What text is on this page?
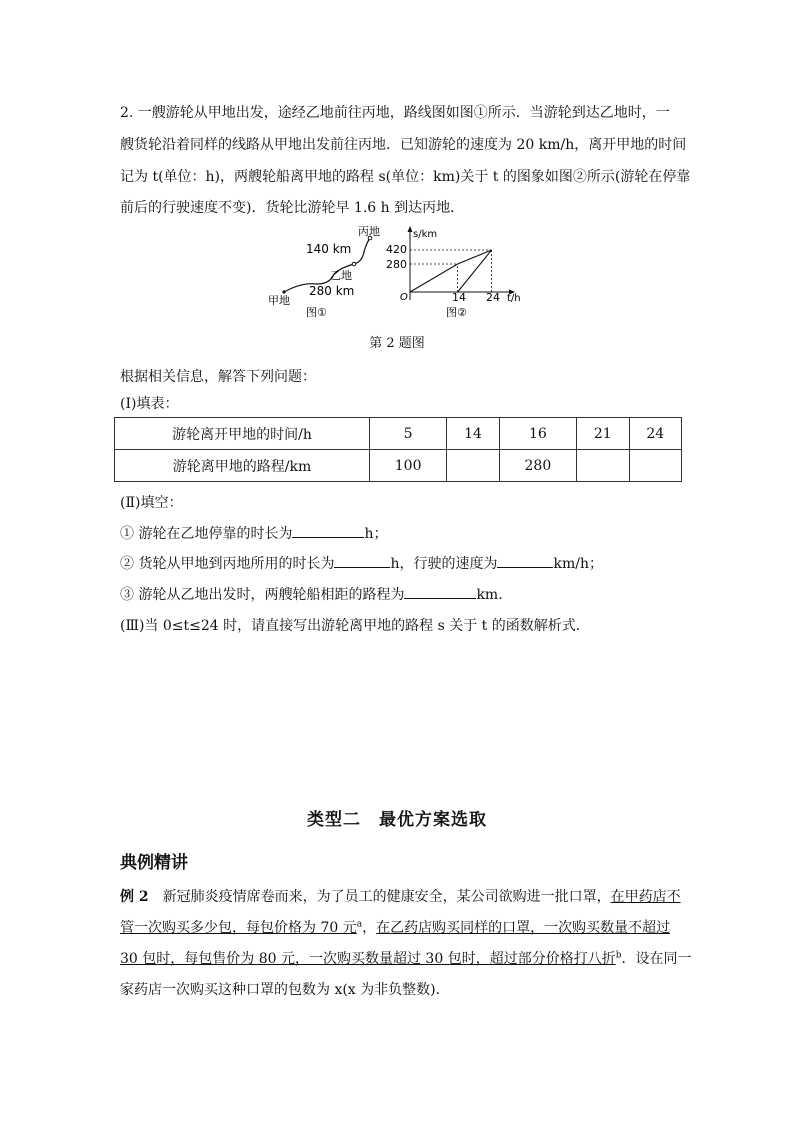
2. 一艘游轮从甲地出发，途经乙地前往丙地，路线图如图①所示．当游轮到达乙地时，一
艘货轮沿着同样的线路从甲地出发前往丙地．已知游轮的速度为 20 km/h，离开甲地的时间
记为 t(单位：h)，两艘轮船离甲地的路程 s(单位：km)关于 t 的图象如图②所示(游轮在停靠
前后的行驶速度不变)．货轮比游轮早 1.6 h 到达丙地．
丙地
140 km
乙地
280 km
甲地
图①
s/km
t/h
O
420
280
14 24
图②
第 2 题图
根据相关信息，解答下列问题：
(Ⅰ)填表：
游轮离开甲地的时间/h	5	14	16	21	24
游轮离甲地的路程/km	100		280		
(Ⅱ)填空：
① 游轮在乙地停靠的时长为	h；
② 货轮从甲地到丙地所用的时长为	h，行驶的速度为	km/h；
③ 游轮从乙地出发时，两艘轮船相距的路程为	km.
(Ⅲ)当 0≤t≤24 时，请直接写出游轮离甲地的路程 s 关于 t 的函数解析式．
类型二　最优方案选取
典例精讲
例 2　 新冠肺炎疫情席卷而来，为了员工的健康安全，某公司欲购进一批口罩，在甲药店不
管一次购买多少包，每包价格为 70 元$^a$，在乙药店购买同样的口罩，一次购买数量不超过
30 包时，每包售价为 80 元，一次购买数量超过 30 包时，超过部分价格打八折$^b$．设在同一
家药店一次购买这种口罩的包数为 x(x 为非负整数)．
